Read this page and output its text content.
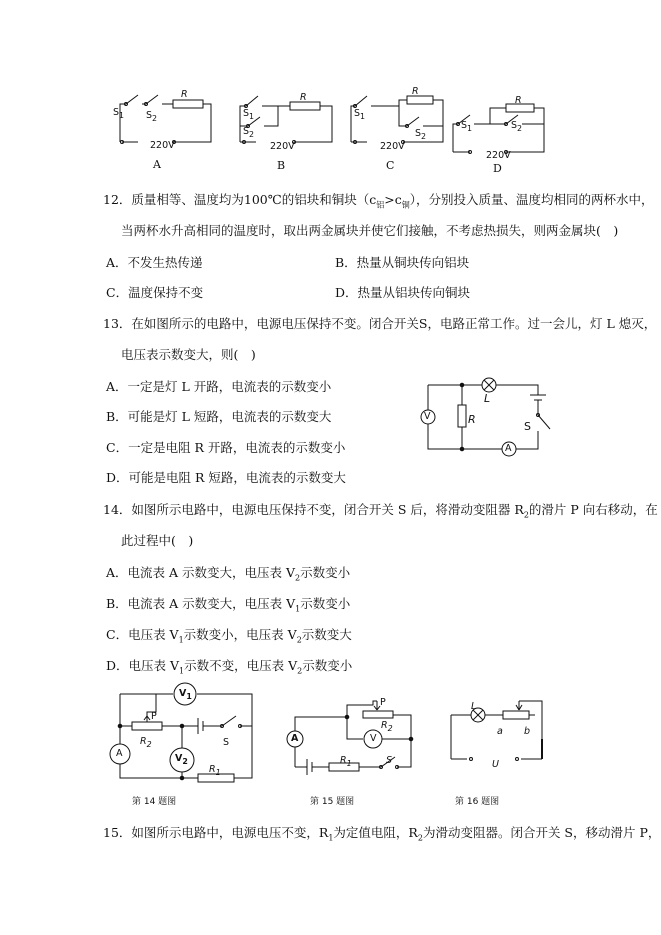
$S_1$ $S_2$
R
220V
A
$S_1$
$S_2$
R
220V
B
$S_1$
$S_2$
R
220V
C
$S_1$	$S_2$
R
220V
D
12．质量相等、温度均为100℃的铝块和铜块$(c_铝>c_铜)$，分别投入质量、温度均相同的两杯水中，
当两杯水升高相同的温度时，取出两金属块并使它们接触，不考虑热损失，则两金属块(　)
A．不发生热传递	B．热量从铜块传向铝块
C．温度保持不变	D．热量从铝块传向铜块
13．在如图所示的电路中，电源电压保持不变。闭合开关S，电路正常工作。过一会儿，灯 L 熄灭，
电压表示数变大，则(　)
A．一定是灯 L 开路，电流表的示数变小
B．可能是灯 L 短路，电流表的示数变大
C．一定是电阻 R 开路，电流表的示数变小
D．可能是电阻 R 短路，电流表的示数变大
V
A
L
R
S
14．如图所示电路中，电源电压保持不变，闭合开关 S 后，将滑动变阻器 $R_2$的滑片 P 向右移动，在
此过程中(　)
A．电流表 A 示数变大，电压表 $V_2$示数变小
B．电流表 A 示数变大，电压表 $V_1$示数变小
C．电压表 $V_1$示数变小，电压表 $V_2$示数变大
D．电压表 $V_1$示数不变，电压表 $V_2$示数变小
$V_1$
$V_2$
P
$R_2$
$R_1$
A
S
第 14 题图
P
$R_2$
V
A
$R_1$	S
第 15 题图
L
a b
U
第 16 题图
15．如图所示电路中，电源电压不变，$R_1$为定值电阻，$R_2$为滑动变阻器。闭合开关 S，移动滑片 P，
